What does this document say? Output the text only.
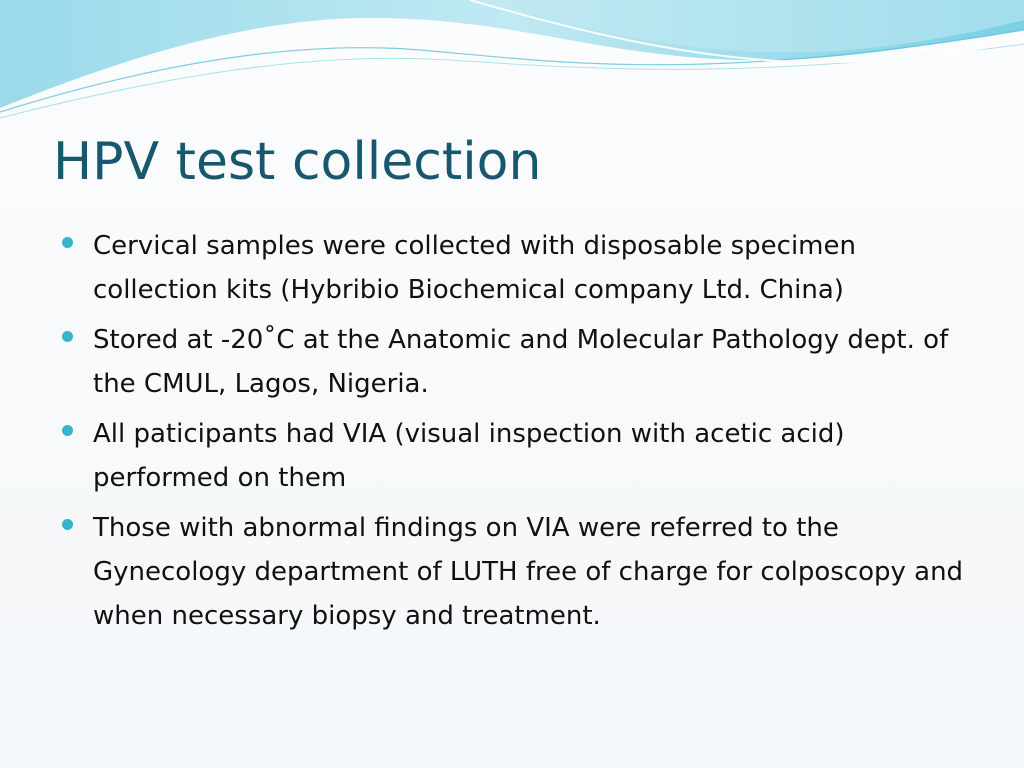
HPV test collection
Cervical samples were collected with disposable specimen collection kits (Hybribio Biochemical company Ltd. China)
Stored at -20˚C at the Anatomic and Molecular Pathology dept. of the CMUL, Lagos, Nigeria.
All paticipants had VIA (visual inspection with acetic acid) performed on them
Those with abnormal findings on VIA were referred to the Gynecology department of LUTH free of charge for colposcopy and when necessary biopsy and treatment.
